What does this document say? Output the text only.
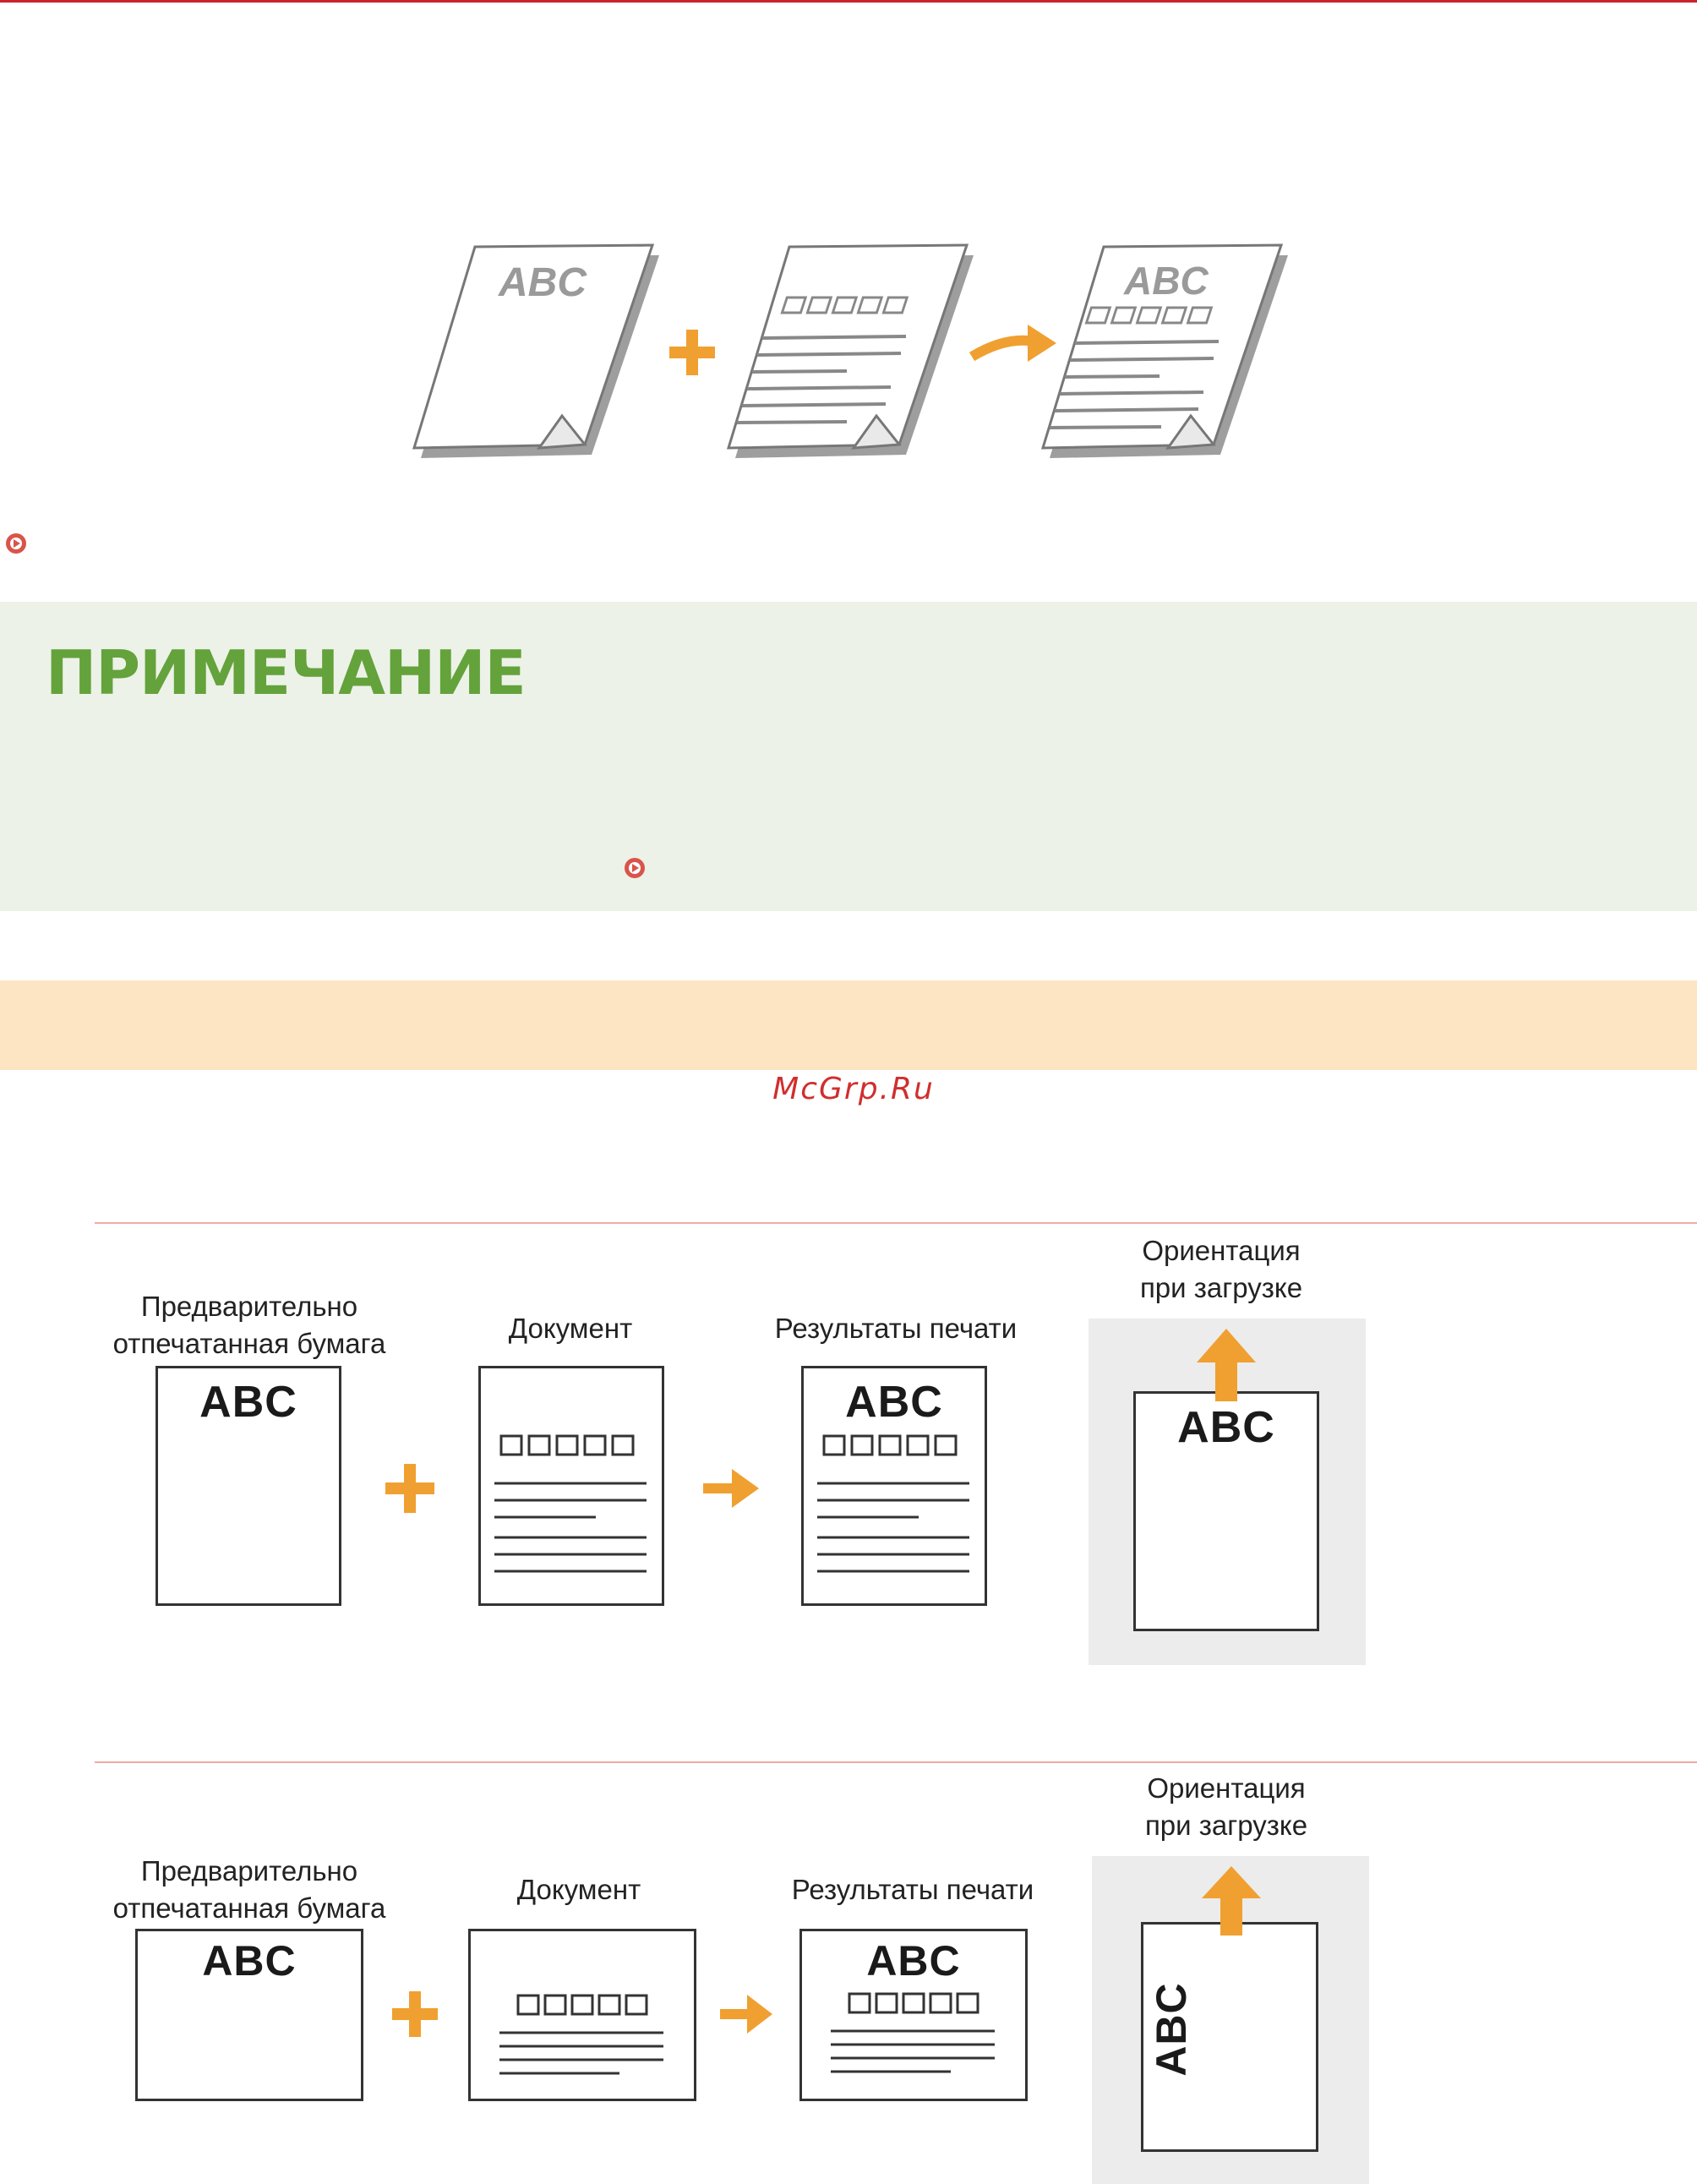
ABC	ABC
ПРИМЕЧАНИЕ
McGrp.Ru
Предварительно
отпечатанная бумага	Документ	Результаты печати
Ориентация
при загрузке
ABC	ABC
ABC
Предварительно
отпечатанная бумага
Документ	Результаты печати
Ориентация
при загрузке
ABC	ABC
ABC
